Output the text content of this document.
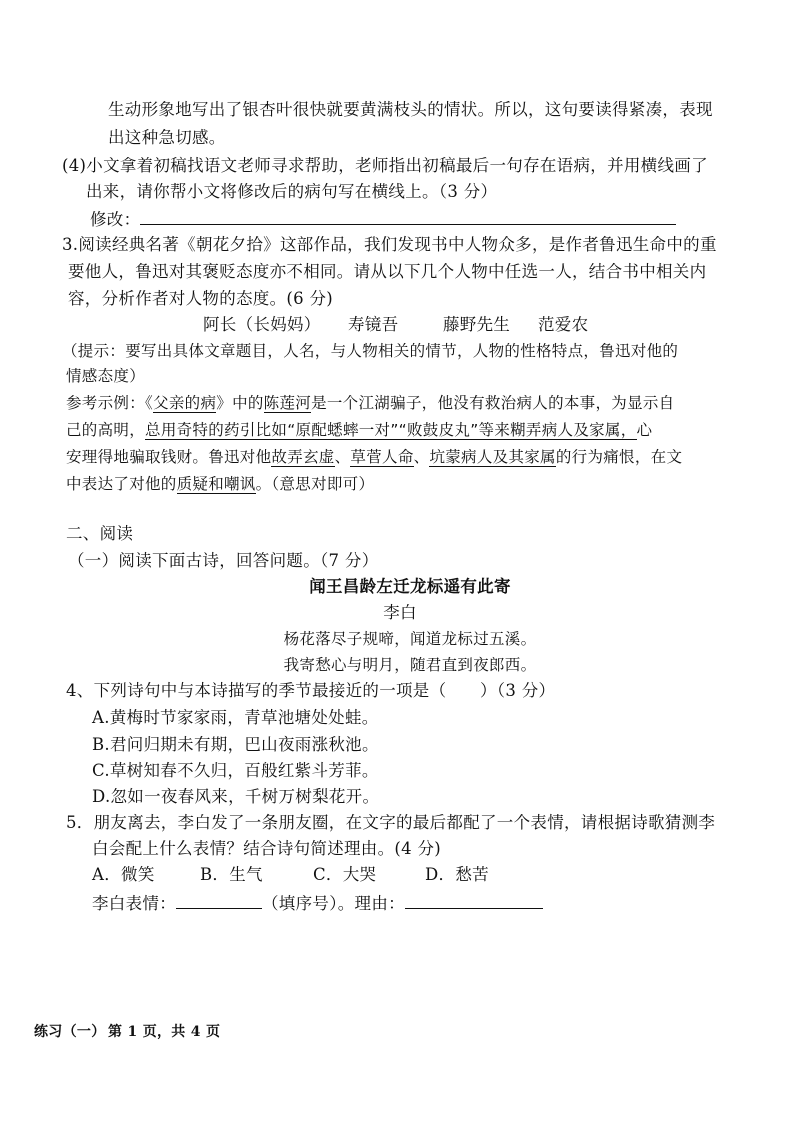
生动形象地写出了银杏叶很快就要黄满枝头的情状。所以，这句要读得紧凑，表现
出这种急切感。
(4)小文拿着初稿找语文老师寻求帮助，老师指出初稿最后一句存在语病，并用横线画了
出来，请你帮小文将修改后的病句写在横线上。（3 分）
修改：
3.阅读经典名著《朝花夕拾》这部作品，我们发现书中人物众多，是作者鲁迅生命中的重
要他人，鲁迅对其褒贬态度亦不相同。请从以下几个人物中任选一人，结合书中相关内
容，分析作者对人物的态度。(6 分)
阿长（长妈妈） 寿镜吾	藤野先生 范爱农
（提示：要写出具体文章题目，人名，与人物相关的情节，人物的性格特点，鲁迅对他的
情感态度）
参考示例：《父亲的病》中的陈莲河是一个江湖骗子，他没有救治病人的本事，为显示自
己的高明，总用奇特的药引比如“原配蟋蟀一对”“败鼓皮丸”等来糊弄病人及家属，心
安理得地骗取钱财。鲁迅对他故弄玄虚、草菅人命、坑蒙病人及其家属的行为痛恨，在文
中表达了对他的质疑和嘲讽。（意思对即可）
二、阅读
（一）阅读下面古诗，回答问题。（7 分）
闻王昌龄左迁龙标遥有此寄
李白
杨花落尽子规啼，闻道龙标过五溪。
我寄愁心与明月，随君直到夜郎西。
4、下列诗句中与本诗描写的季节最接近的一项是（　　）（3 分）
A.黄梅时节家家雨，青草池塘处处蛙。
B.君问归期未有期，巴山夜雨涨秋池。
C.草树知春不久归，百般红紫斗芳菲。
D.忽如一夜春风来，千树万树梨花开。
5．朋友离去，李白发了一条朋友圈，在文字的最后都配了一个表情，请根据诗歌猜测李
白会配上什么表情？结合诗句简述理由。(4 分)
A．微笑	B．生气	C．大哭	D．愁苦
李白表情：	（填序号）。理由：
练习（一） 第 1 页，共 4 页
